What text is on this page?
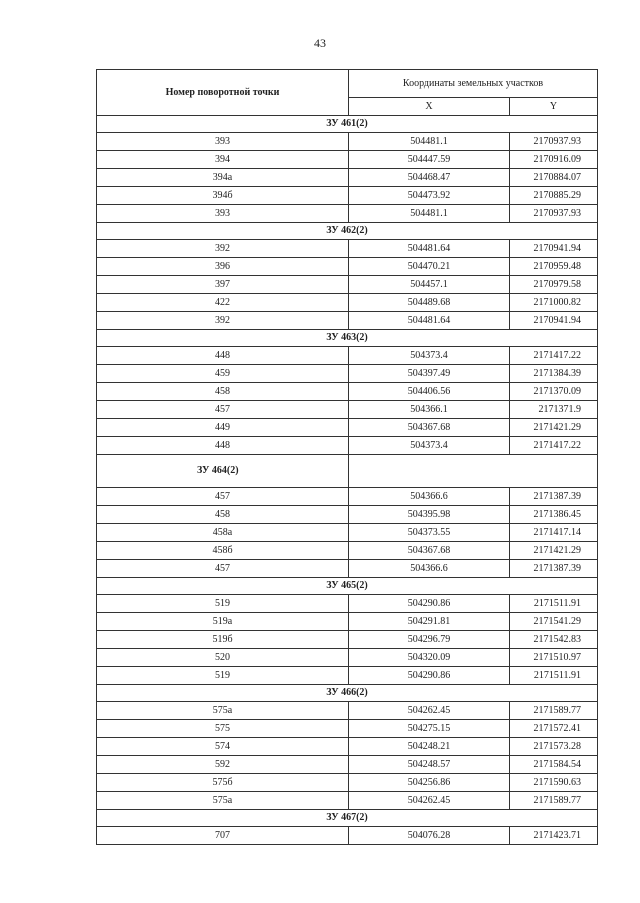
43
Номер поворотной точки	Координаты земельных участков	
	X	Y
ЗУ 461(2)		
393	504481.1	2170937.93
394	504447.59	2170916.09
394а	504468.47	2170884.07
394б	504473.92	2170885.29
393	504481.1	2170937.93
ЗУ 462(2)		
392	504481.64	2170941.94
396	504470.21	2170959.48
397	504457.1	2170979.58
422	504489.68	2171000.82
392	504481.64	2170941.94
ЗУ 463(2)		
448	504373.4	2171417.22
459	504397.49	2171384.39
458	504406.56	2171370.09
457	504366.1	2171371.9
449	504367.68	2171421.29
448	504373.4	2171417.22
ЗУ 464(2)		
457	504366.6	2171387.39
458	504395.98	2171386.45
458а	504373.55	2171417.14
458б	504367.68	2171421.29
457	504366.6	2171387.39
ЗУ 465(2)		
519	504290.86	2171511.91
519а	504291.81	2171541.29
519б	504296.79	2171542.83
520	504320.09	2171510.97
519	504290.86	2171511.91
ЗУ 466(2)		
575а	504262.45	2171589.77
575	504275.15	2171572.41
574	504248.21	2171573.28
592	504248.57	2171584.54
575б	504256.86	2171590.63
575а	504262.45	2171589.77
ЗУ 467(2)		
707	504076.28	2171423.71
